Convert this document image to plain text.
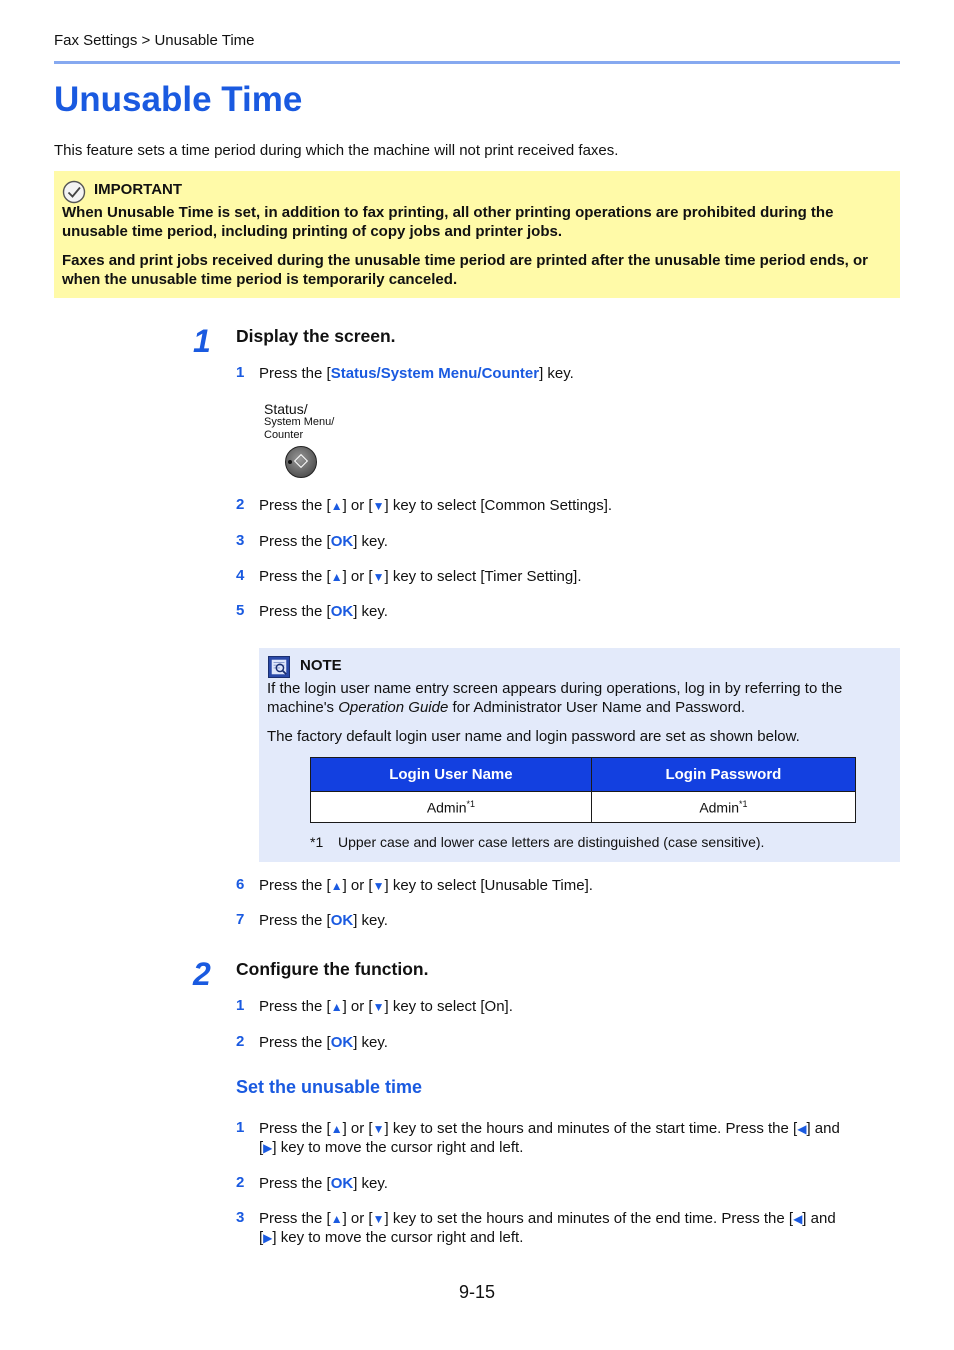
Fax Settings > Unusable Time
Unusable Time
This feature sets a time period during which the machine will not print received faxes.
IMPORTANT

When Unusable Time is set, in addition to fax printing, all other printing operations are prohibited during the unusable time period, including printing of copy jobs and printer jobs.

Faxes and print jobs received during the unusable time period are printed after the unusable time period ends, or when the unusable time period is temporarily canceled.

1 Display the screen.
1 Press the [Status/System Menu/Counter] key.
Status/
System Menu/
Counter
2 Press the [▲] or [▼] key to select [Common Settings].
3 Press the [OK] key.
4 Press the [▲] or [▼] key to select [Timer Setting].
5 Press the [OK] key.
NOTE

If the login user name entry screen appears during operations, log in by referring to the machine's Operation Guide for Administrator User Name and Password.

The factory default login user name and login password are set as shown below.

Login User Name	Login Password
Admin$^{*1}$	Admin$^{*1}$
*1 Upper case and lower case letters are distinguished (case sensitive).
6 Press the [▲] or [▼] key to select [Unusable Time].
7 Press the [OK] key.
2 Configure the function.
1 Press the [▲] or [▼] key to select [On].
2 Press the [OK] key.
Set the unusable time
1 Press the [▲] or [▼] key to set the hours and minutes of the start time. Press the [◀] and
[▶] key to move the cursor right and left.
2 Press the [OK] key.
3 Press the [▲] or [▼] key to set the hours and minutes of the end time. Press the [◀] and
[▶] key to move the cursor right and left.
9-15
